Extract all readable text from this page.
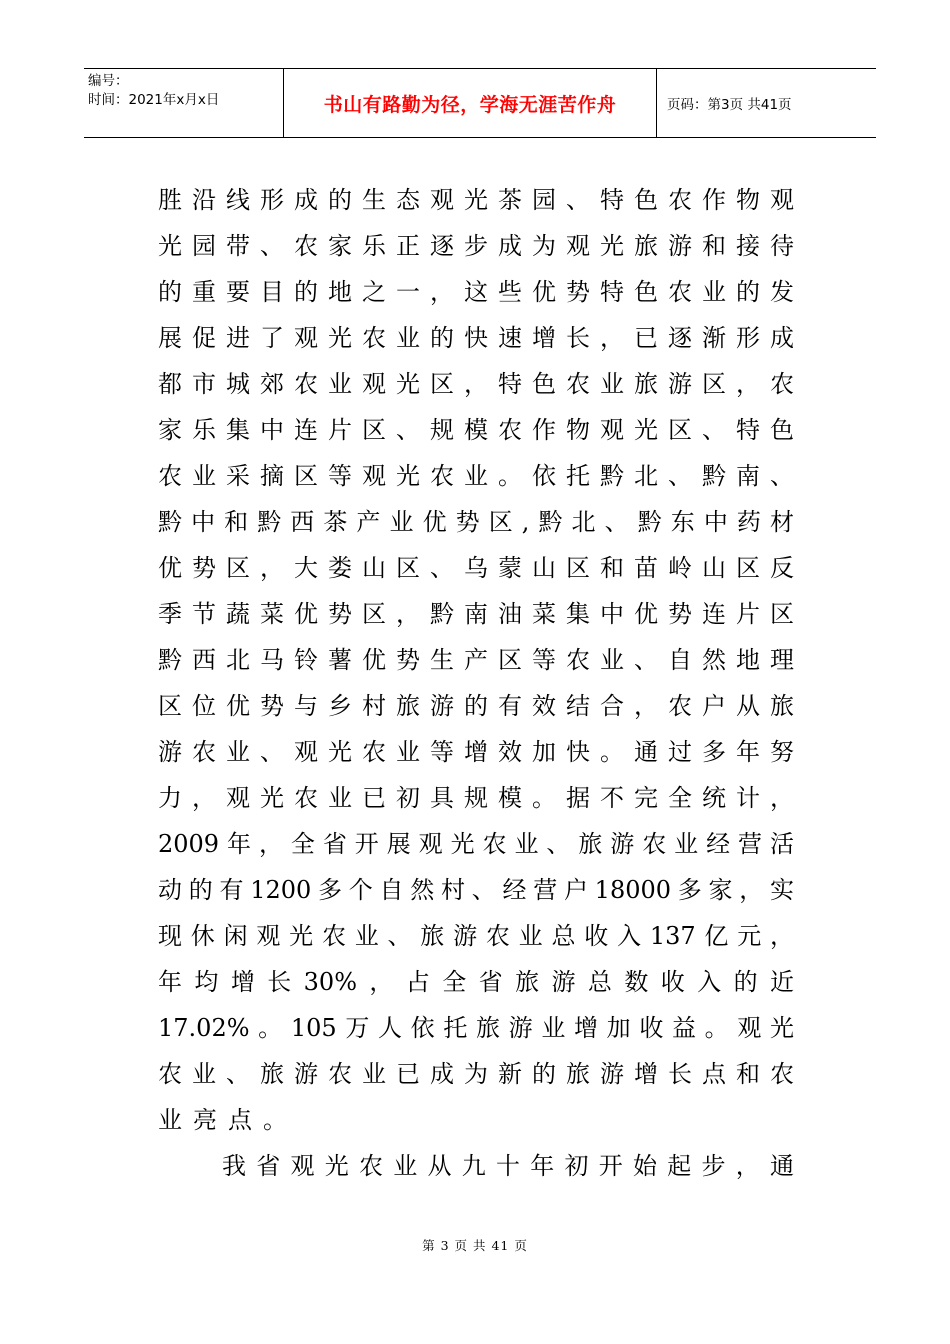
编号：
时间：2021年x月x日	书山有路勤为径，学海无涯苦作舟	页码：第3页 共41页
胜沿线形成的生态观光茶园、特色农作物观
光园带、农家乐正逐步成为观光旅游和接待
的重要目的地之一，这些优势特色农业的发
展促进了观光农业的快速增长，已逐渐形成
都市城郊农业观光区，特色农业旅游区，农
家乐集中连片区、规模农作物观光区、特色
农业采摘区等观光农业。依托黔北、黔南、
黔中和黔西茶产业优势区,黔北、黔东中药材
优势区，大娄山区、乌蒙山区和苗岭山区反
季节蔬菜优势区，黔南油菜集中优势连片区
黔西北马铃薯优势生产区等农业、自然地理
区位优势与乡村旅游的有效结合，农户从旅
游农业、观光农业等增效加快。通过多年努
力，观光农业已初具规模。据不完全统计，
2009年，全省开展观光农业、旅游农业经营活
动的有1200多个自然村、经营户18000多家，实
现休闲观光农业、旅游农业总收入137亿元，
年均增长30%，占全省旅游总数收入的近
17.02%。105万人依托旅游业增加收益。观光
农业、旅游农业已成为新的旅游增长点和农
业亮点。
我省观光农业从九十年初开始起步，通
第 3 页 共 41 页
